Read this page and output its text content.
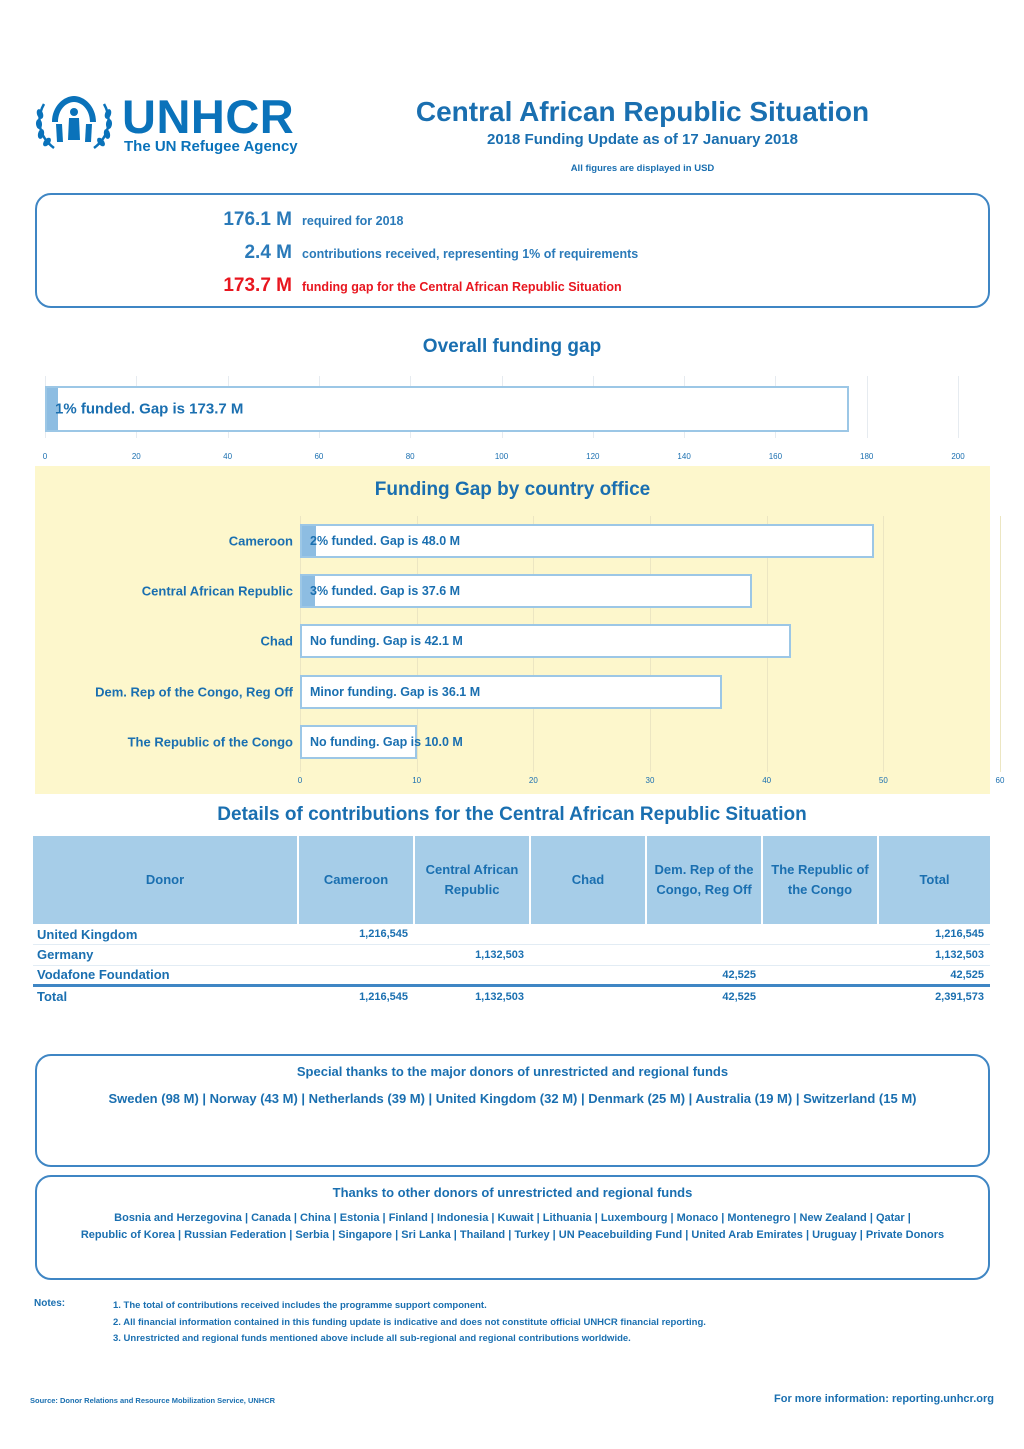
UNHCR
The UN Refugee Agency
Central African Republic Situation
2018 Funding Update as of 17 January 2018
All figures are displayed in USD
176.1 M required for 2018
2.4 M contributions received, representing 1% of requirements
173.7 M funding gap for the Central African Republic Situation
Overall funding gap
1% funded. Gap is 173.7 M
0	20	40	60	80	100	120	140	160	180	200
Funding Gap by country office
0	10	20	30	40	50	60
Cameroon 2% funded. Gap is 48.0 M
Central African Republic 3% funded. Gap is 37.6 M
Chad No funding. Gap is 42.1 M
Dem. Rep of the Congo, Reg Off Minor funding. Gap is 36.1 M
The Republic of the Congo No funding. Gap is 10.0 M
Details of contributions for the Central African Republic Situation
Donor	Cameroon	Central African Republic	Chad	Dem. Rep of the Congo, Reg Off	The Republic of the Congo	Total
United Kingdom	1,216,545					1,216,545
Germany		1,132,503				1,132,503
Vodafone Foundation				42,525		42,525
Total	1,216,545	1,132,503		42,525		2,391,573
Special thanks to the major donors of unrestricted and regional funds
Sweden (98 M) | Norway (43 M) | Netherlands (39 M) | United Kingdom (32 M) | Denmark (25 M) | Australia (19 M) | Switzerland (15 M)
Thanks to other donors of unrestricted and regional funds
Bosnia and Herzegovina | Canada | China | Estonia | Finland | Indonesia | Kuwait | Lithuania | Luxembourg | Monaco | Montenegro | New Zealand | Qatar |
Republic of Korea | Russian Federation | Serbia | Singapore | Sri Lanka | Thailand | Turkey | UN Peacebuilding Fund | United Arab Emirates | Uruguay | Private Donors
Notes:	1. The total of contributions received includes the programme support component.
2. All financial information contained in this funding update is indicative and does not constitute official UNHCR financial reporting.
3. Unrestricted and regional funds mentioned above include all sub-regional and regional contributions worldwide.
Source: Donor Relations and Resource Mobilization Service, UNHCR	For more information: reporting.unhcr.org
